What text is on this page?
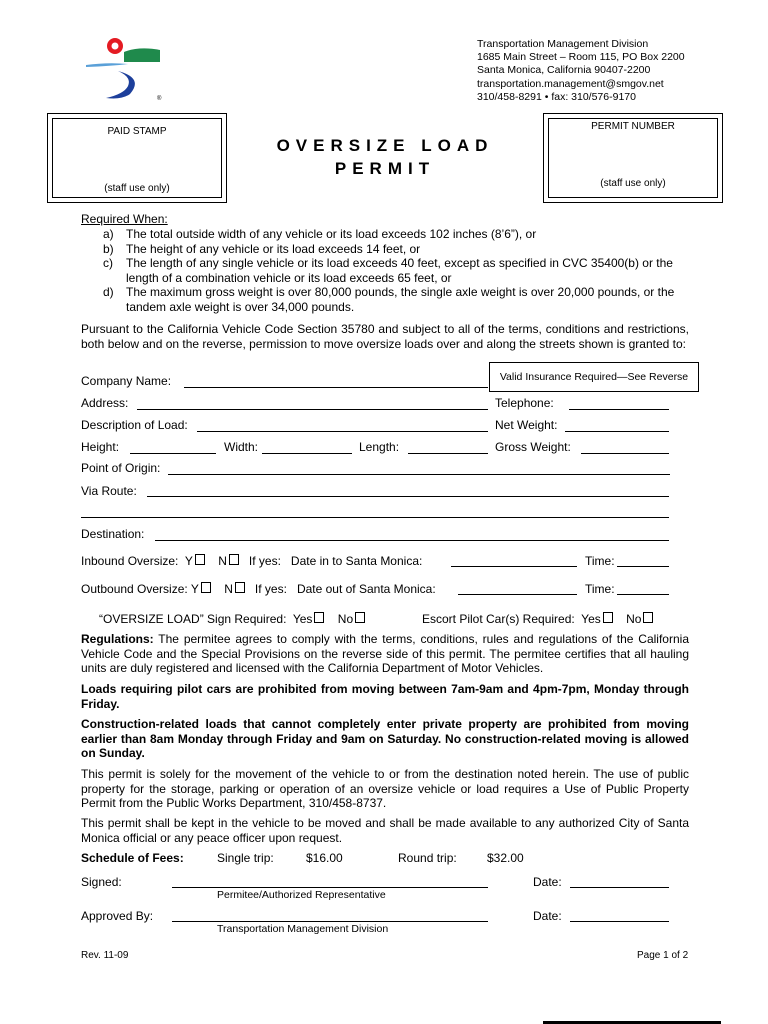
®
Transportation Management Division
1685 Main Street – Room 115, PO Box 2200
Santa Monica, California 90407-2200
transportation.management@smgov.net
310/458-8291 • fax: 310/576-9170
PAID STAMP
(staff use only)
OVERSIZE LOAD
PERMIT
PERMIT NUMBER
(staff use only)
Required When:
a)	The total outside width of any vehicle or its load exceeds 102 inches (8’6”), or
b)	The height of any vehicle or its load exceeds 14 feet, or
c)	The length of any single vehicle or its load exceeds 40 feet, except as specified in CVC 35400(b) or the length of a combination vehicle or its load exceeds 65 feet, or
d)	The maximum gross weight is over 80,000 pounds, the single axle weight is over 20,000 pounds, or the tandem axle weight is over 34,000 pounds.
Pursuant to the California Vehicle Code Section 35780 and subject to all of the terms, conditions and restrictions, both below and on the reverse, permission to move oversize loads over and along the streets shown is granted to:
Valid Insurance Required—See Reverse
Company Name:
Address:	Telephone:
Description of Load:	Net Weight:
Height:	Width:	Length:	Gross Weight:
Point of Origin:
Via Route:
Destination:
Inbound Oversize: Y N If yes: Date in to Santa Monica:	Time:
Outbound Oversize: Y N If yes: Date out of Santa Monica:	Time:
“OVERSIZE LOAD” Sign Required: Yes No	Escort Pilot Car(s) Required: Yes No
Regulations: The permitee agrees to comply with the terms, conditions, rules and regulations of the California Vehicle Code and the Special Provisions on the reverse side of this permit. The permitee certifies that all hauling units are duly registered and licensed with the California Department of Motor Vehicles.
Loads requiring pilot cars are prohibited from moving between 7am-9am and 4pm-7pm, Monday through Friday.
Construction-related loads that cannot completely enter private property are prohibited from moving earlier than 8am Monday through Friday and 9am on Saturday. No construction-related moving is allowed on Sunday.
This permit is solely for the movement of the vehicle to or from the destination noted herein. The use of public property for the storage, parking or operation of an oversize vehicle or load requires a Use of Public Property Permit from the Public Works Department, 310/458-8737.
This permit shall be kept in the vehicle to be moved and shall be made available to any authorized City of Santa Monica official or any peace officer upon request.
Schedule of Fees:	Single trip:	$16.00	Round trip:	$32.00
Signed:
Permitee/Authorized Representative
Date:
Approved By:
Transportation Management Division
Date:
Rev. 11-09	Page 1 of 2
